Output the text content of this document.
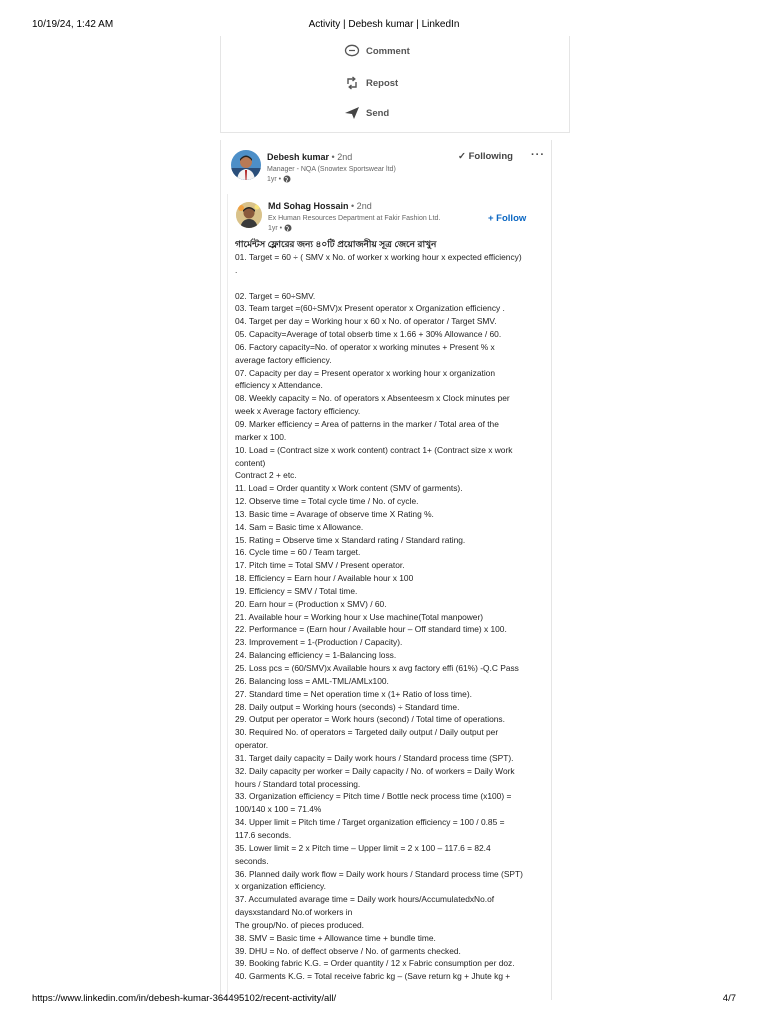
10/19/24, 1:42 AM	Activity | Debesh kumar | LinkedIn
Comment
Repost
Send
Debesh kumar • 2nd
Manager - NQA (Snowtex Sportswear ltd)
1yr •
✓ Following ···
Md Sohag Hossain • 2nd
Ex Human Resources Department at Fakir Fashion Ltd.
1yr •
+ Follow
গার্মেন্টস ফ্লোরের জন্য ৪০টি প্রয়োজনীয় সূত্র জেনে রাখুন
01. Target = 60 ÷ ( SMV x No. of worker x working hour x expected efficiency)
.

02. Target = 60÷SMV.
03. Team target =(60÷SMV)x Present operator x Organization efficiency .
04. Target per day = Working hour x 60 x No. of operator / Target SMV.
05. Capacity=Average of total obserb time x 1.66 + 30% Allowance / 60.
06. Factory capacity=No. of operator x working minutes + Present % x
average factory efficiency.
07. Capacity per day = Present operator x working hour x organization
efficiency x Attendance.
08. Weekly capacity = No. of operators x Absenteesm x Clock minutes per
week x Average factory efficiency.
09. Marker efficiency = Area of patterns in the marker / Total area of the
marker x 100.
10. Load = (Contract size x work content) contract 1+ (Contract size x work
content)
Contract 2 + etc.
11. Load = Order quantity x Work content (SMV of garments).
12. Observe time = Total cycle time / No. of cycle.
13. Basic time = Avarage of observe time X Rating %.
14. Sam = Basic time x Allowance.
15. Rating = Observe time x Standard rating / Standard rating.
16. Cycle time = 60 / Team target.
17. Pitch time = Total SMV / Present operator.
18. Efficiency = Earn hour / Available hour x 100
19. Efficiency = SMV / Total time.
20. Earn hour = (Production x SMV) / 60.
21. Available hour = Working hour x Use machine(Total manpower)
22. Performance = (Earn hour / Available hour – Off standard time) x 100.
23. Improvement = 1-(Production / Capacity).
24. Balancing efficiency = 1-Balancing loss.
25. Loss pcs = (60/SMV)x Available hours x avg factory effi (61%) -Q.C Pass
26. Balancing loss = AML-TML/AMLx100.
27. Standard time = Net operation time x (1+ Ratio of loss time).
28. Daily output = Working hours (seconds) ÷ Standard time.
29. Output per operator = Work hours (second) / Total time of operations.
30. Required No. of operators = Targeted daily output / Daily output per
operator.
31. Target daily capacity = Daily work hours / Standard process time (SPT).
32. Daily capacity per worker = Daily capacity / No. of workers = Daily Work
hours / Standard total processing.
33. Organization efficiency = Pitch time / Bottle neck process time (x100) =
100/140 x 100 = 71.4%
34. Upper limit = Pitch time / Target organization efficiency = 100 / 0.85 =
117.6 seconds.
35. Lower limit = 2 x Pitch time – Upper limit = 2 x 100 – 117.6 = 82.4
seconds.
36. Planned daily work flow = Daily work hours / Standard process time (SPT)
x organization efficiency.
37. Accumulated avarage time = Daily work hours/AccumulatedxNo.of
daysxstandard No.of workers in
The group/No. of pieces produced.
38. SMV = Basic time + Allowance time + bundle time.
39. DHU = No. of deffect observe / No. of garments checked.
39. Booking fabric K.G. = Order quantity / 12 x Fabric consumption per doz.
40. Garments K.G. = Total receive fabric kg – (Save return kg + Jhute kg +
https://www.linkedin.com/in/debesh-kumar-364495102/recent-activity/all/	4/7
